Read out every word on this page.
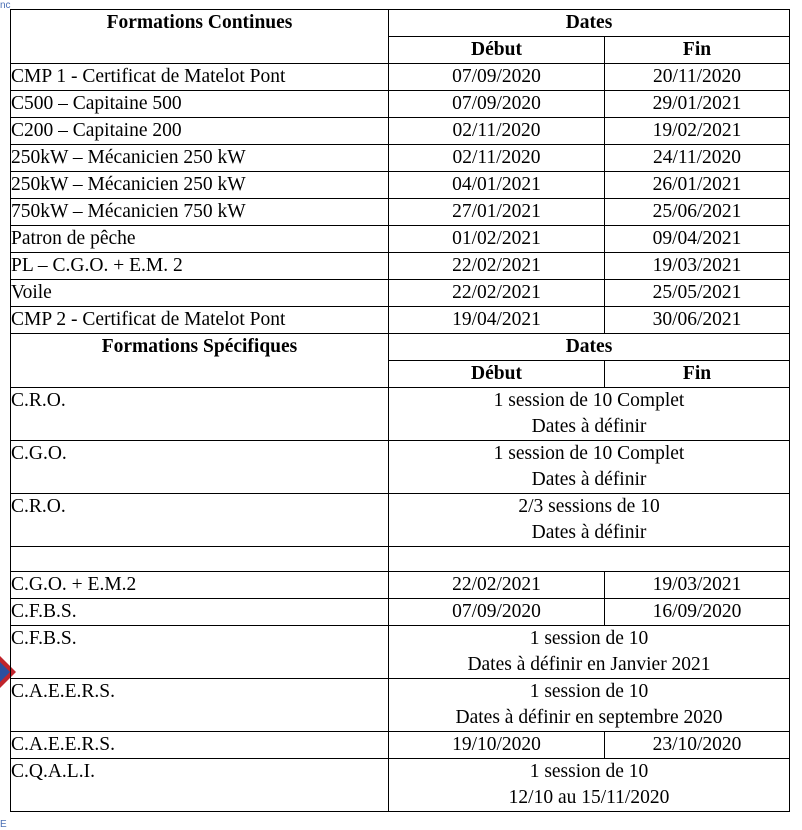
nc
Formations Continues	Dates	
	Début	Fin
CMP 1 - Certificat de Matelot Pont	07/09/2020	20/11/2020
C500 – Capitaine 500	07/09/2020	29/01/2021
C200 – Capitaine 200	02/11/2020	19/02/2021
250kW – Mécanicien 250 kW	02/11/2020	24/11/2020
250kW – Mécanicien 250 kW	04/01/2021	26/01/2021
750kW – Mécanicien 750 kW	27/01/2021	25/06/2021
Patron de pêche	01/02/2021	09/04/2021
PL – C.G.O. + E.M. 2	22/02/2021	19/03/2021
Voile	22/02/2021	25/05/2021
CMP 2 - Certificat de Matelot Pont	19/04/2021	30/06/2021
Formations Spécifiques	Dates	
	Début	Fin
C.R.O.	1 session de 10 Complet
Dates à définir	

C.G.O.	1 session de 10 Complet
Dates à définir	

C.R.O.	2/3 sessions de 10
Dates à définir	

C.G.O. + E.M.2	22/02/2021	19/03/2021
C.F.B.S.	07/09/2020	16/09/2020
C.F.B.S.	1 session de 10
Dates à définir en Janvier 2021	

C.A.E.E.R.S.	1 session de 10
Dates à définir en septembre 2020	

C.A.E.E.R.S.	19/10/2020	23/10/2020
C.Q.A.L.I.	1 session de 10
12/10 au 15/11/2020	
E
